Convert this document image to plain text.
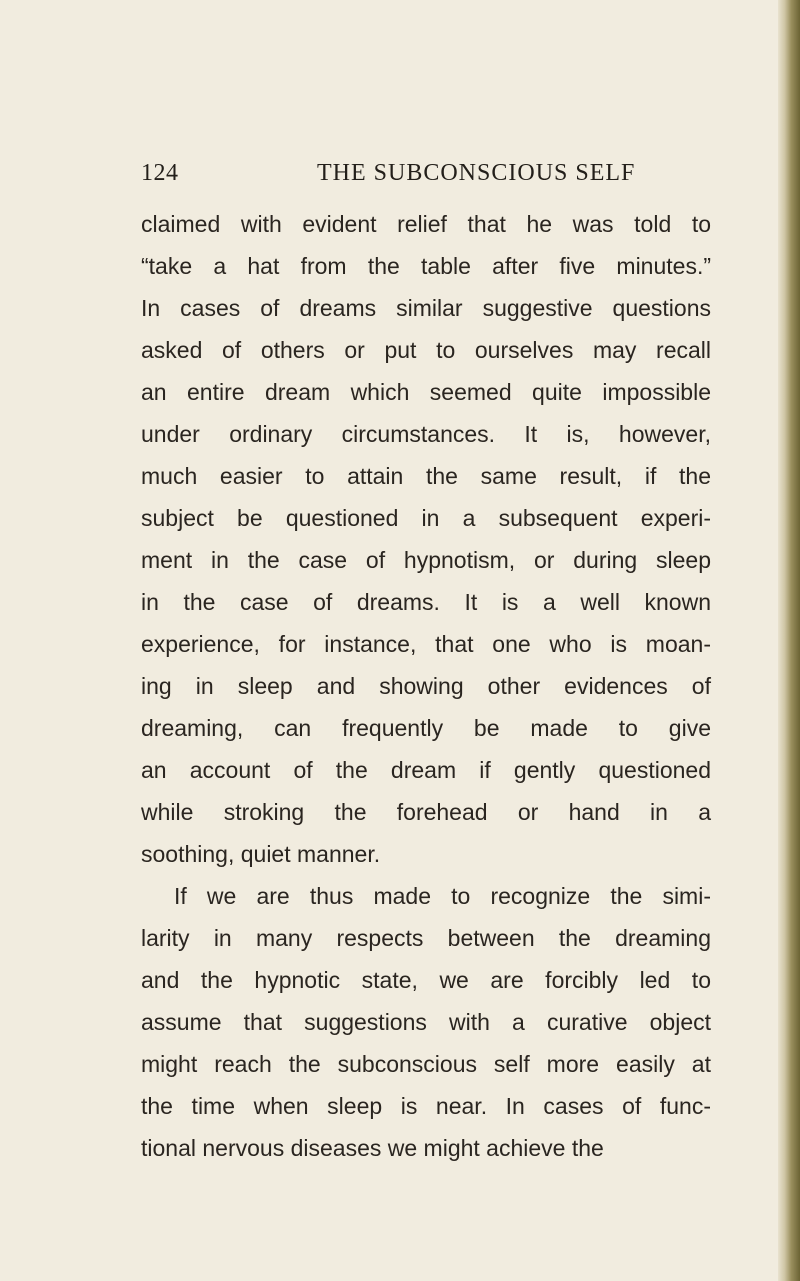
124	THE SUBCONSCIOUS SELF
claimed with evident relief that he was told to
“take a hat from the table after five minutes.”
In cases of dreams similar suggestive questions
asked of others or put to ourselves may recall
an entire dream which seemed quite impossible
under ordinary circumstances. It is, however,
much easier to attain the same result, if the
subject be questioned in a subsequent experi-
ment in the case of hypnotism, or during sleep
in the case of dreams. It is a well known
experience, for instance, that one who is moan-
ing in sleep and showing other evidences of
dreaming, can frequently be made to give
an account of the dream if gently questioned
while stroking the forehead or hand in a
soothing, quiet manner.
If we are thus made to recognize the simi-
larity in many respects between the dreaming
and the hypnotic state, we are forcibly led to
assume that suggestions with a curative object
might reach the subconscious self more easily at
the time when sleep is near. In cases of func-
tional nervous diseases we might achieve the
